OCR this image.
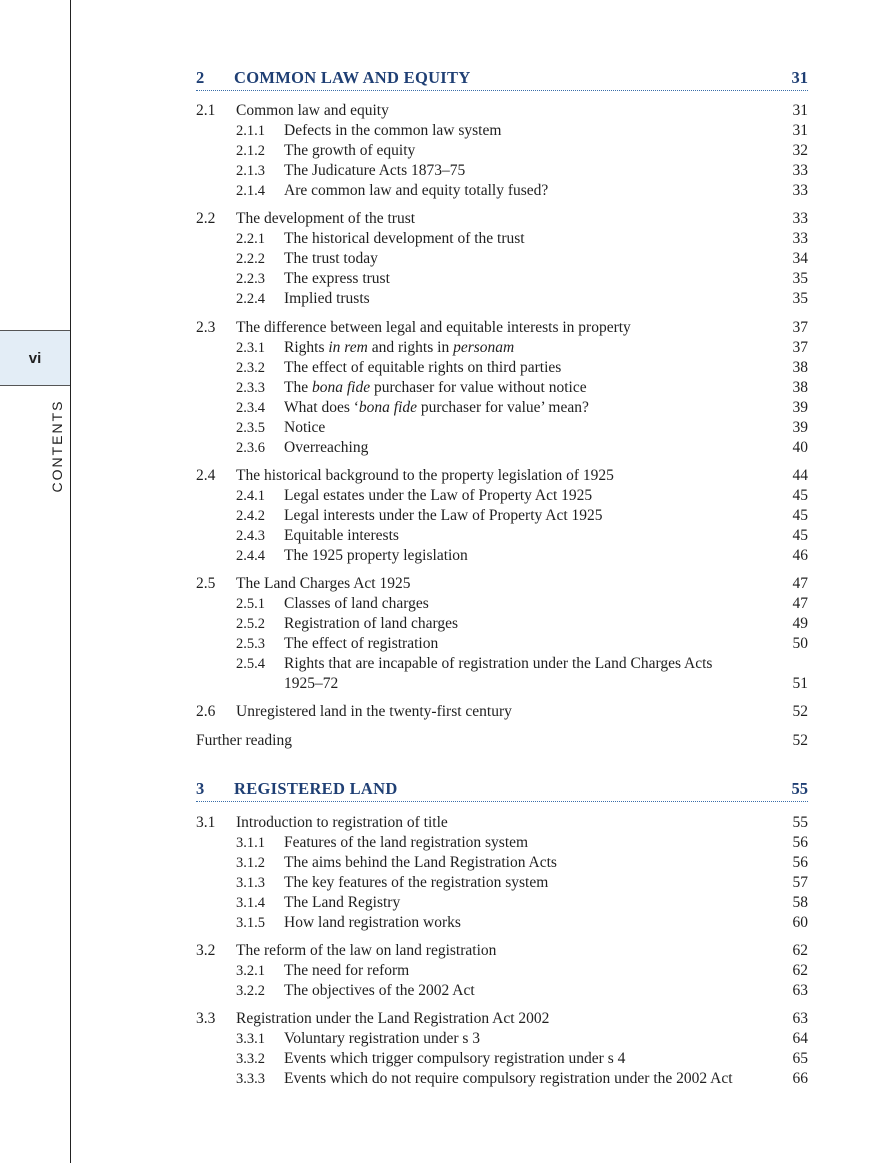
vi
CONTENTS
2 COMMON LAW AND EQUITY	31
2.1 Common law and equity	31
2.1.1 Defects in the common law system	31
2.1.2 The growth of equity	32
2.1.3 The Judicature Acts 1873–75	33
2.1.4 Are common law and equity totally fused?	33
2.2 The development of the trust	33
2.2.1 The historical development of the trust	33
2.2.2 The trust today	34
2.2.3 The express trust	35
2.2.4 Implied trusts	35
2.3 The difference between legal and equitable interests in property	37
2.3.1 Rights in rem and rights in personam	37
2.3.2 The effect of equitable rights on third parties	38
2.3.3 The bona fide purchaser for value without notice	38
2.3.4 What does ‘bona fide purchaser for value’ mean?	39
2.3.5 Notice	39
2.3.6 Overreaching	40
2.4 The historical background to the property legislation of 1925	44
2.4.1 Legal estates under the Law of Property Act 1925	45
2.4.2 Legal interests under the Law of Property Act 1925	45
2.4.3 Equitable interests	45
2.4.4 The 1925 property legislation	46
2.5 The Land Charges Act 1925	47
2.5.1 Classes of land charges	47
2.5.2 Registration of land charges	49
2.5.3 The effect of registration	50
2.5.4 Rights that are incapable of registration under the Land Charges Acts
1925–72	51
2.6 Unregistered land in the twenty-first century	52
Further reading	52
3 REGISTERED LAND	55
3.1 Introduction to registration of title	55
3.1.1 Features of the land registration system	56
3.1.2 The aims behind the Land Registration Acts	56
3.1.3 The key features of the registration system	57
3.1.4 The Land Registry	58
3.1.5 How land registration works	60
3.2 The reform of the law on land registration	62
3.2.1 The need for reform	62
3.2.2 The objectives of the 2002 Act	63
3.3 Registration under the Land Registration Act 2002	63
3.3.1 Voluntary registration under s 3	64
3.3.2 Events which trigger compulsory registration under s 4	65
3.3.3 Events which do not require compulsory registration under the 2002 Act	66
